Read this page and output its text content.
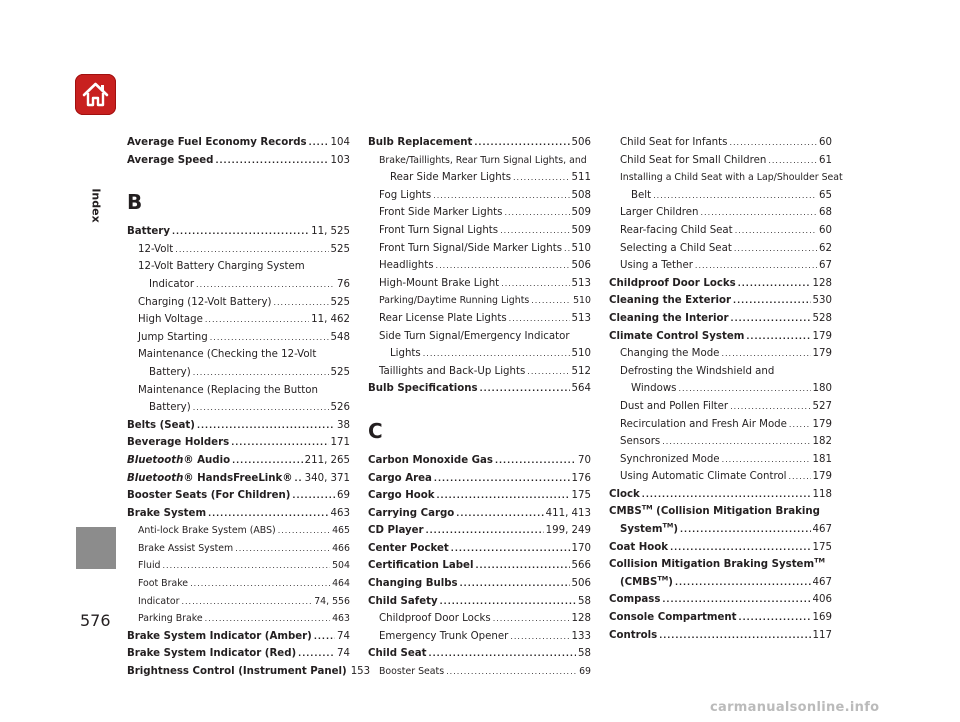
Index
576
Average Fuel Economy Records ..... 104
Average Speed .....	103
B
Battery .....	11, 525
12-Volt .....	525
12-Volt Battery Charging System
Indicator .....	76
Charging (12-Volt Battery) .....	525
High Voltage .....	11, 462
Jump Starting .....	548
Maintenance (Checking the 12-Volt
Battery) .....	525
Maintenance (Replacing the Button
Battery) .....	526
Belts (Seat) .....	38
Beverage Holders .....	171
Bluetooth® Audio .....	211, 265
Bluetooth® HandsFreeLink® ..... 340, 371
Booster Seats (For Children) .....	69
Brake System .....	463
Anti-lock Brake System (ABS) .....	465
Brake Assist System .....	466
Fluid .....	504
Foot Brake .....	464
Indicator .....	74, 556
Parking Brake .....	463
Brake System Indicator (Amber) ..... 74
Brake System Indicator (Red) .....	74
Brightness Control (Instrument Panel) 153
Bulb Replacement .....	506
Brake/Taillights, Rear Turn Signal Lights, and
Rear Side Marker Lights .....	511
Fog Lights .....	508
Front Side Marker Lights .....	509
Front Turn Signal Lights .....	509
Front Turn Signal/Side Marker Lights ..... 510
Headlights .....	506
High-Mount Brake Light .....	513
Parking/Daytime Running Lights .....	510
Rear License Plate Lights .....	513
Side Turn Signal/Emergency Indicator
Lights .....	510
Taillights and Back-Up Lights .....	512
Bulb Specifications .....	564
C
Carbon Monoxide Gas .....	70
Cargo Area .....	176
Cargo Hook .....	175
Carrying Cargo .....	411, 413
CD Player .....	199, 249
Center Pocket .....	170
Certification Label .....	566
Changing Bulbs .....	506
Child Safety .....	58
Childproof Door Locks .....	128
Emergency Trunk Opener .....	133
Child Seat .....	58
Booster Seats .....	69
Child Seat for Infants .....	60
Child Seat for Small Children .....	61
Installing a Child Seat with a Lap/Shoulder Seat
Belt .....	65
Larger Children .....	68
Rear-facing Child Seat .....	60
Selecting a Child Seat .....	62
Using a Tether .....	67
Childproof Door Locks .....	128
Cleaning the Exterior .....	530
Cleaning the Interior .....	528
Climate Control System .....	179
Changing the Mode .....	179
Defrosting the Windshield and
Windows .....	180
Dust and Pollen Filter .....	527
Recirculation and Fresh Air Mode .....	179
Sensors .....	182
Synchronized Mode .....	181
Using Automatic Climate Control .....	179
Clock .....	118
CMBS™ (Collision Mitigation Braking
System™) .....	467
Coat Hook .....	175
Collision Mitigation Braking System™
(CMBS™) .....	467
Compass .....	406
Console Compartment .....	169
Controls .....	117
carmanualsonline.info
